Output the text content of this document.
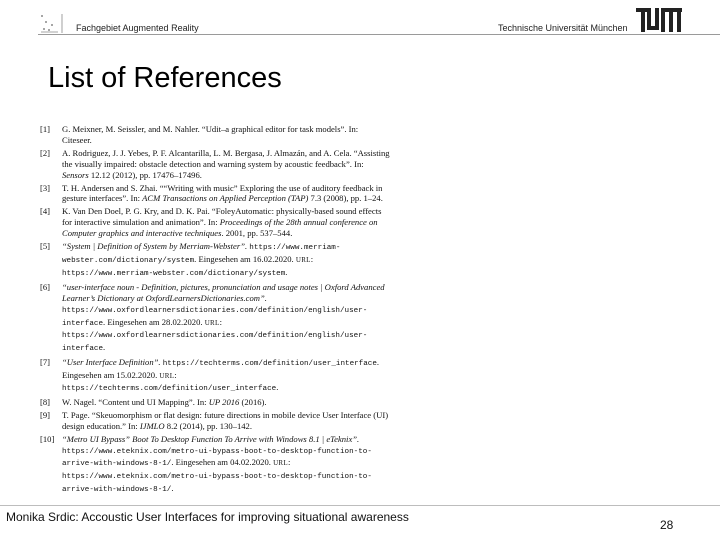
Fachgebiet Augmented Reality	Technische Universität München
List of References
[1]	G. Meixner, M. Seissler, and M. Nahler. “Udit–a graphical editor for task models”. In: Citeseer.
[2]	A. Rodriguez, J. J. Yebes, P. F. Alcantarilla, L. M. Bergasa, J. Almazán, and A. Cela. “Assisting the visually impaired: obstacle detection and warning system by acoustic feedback”. In: Sensors 12.12 (2012), pp. 17476–17496.
[3]	T. H. Andersen and S. Zhai. ““Writing with music” Exploring the use of auditory feedback in gesture interfaces”. In: ACM Transactions on Applied Perception (TAP) 7.3 (2008), pp. 1–24.
[4]	K. Van Den Doel, P. G. Kry, and D. K. Pai. “FoleyAutomatic: physically-based sound effects for interactive simulation and animation”. In: Proceedings of the 28th annual conference on Computer graphics and interactive techniques. 2001, pp. 537–544.
[5]	“System | Definition of System by Merriam-Webster”. https://www.merriam-webster.com/dictionary/system. Eingesehen am 16.02.2020. URL: https://www.merriam-webster.com/dictionary/system.
[6]	“user-interface noun - Definition, pictures, pronunciation and usage notes | Oxford Advanced Learner’s Dictionary at OxfordLearnersDictionaries.com”. https://www.oxfordlearnersdictionaries.com/definition/english/user-interface. Eingesehen am 28.02.2020. URL: https://www.oxfordlearnersdictionaries.com/definition/english/user-interface.
[7]	“User Interface Definition”. https://techterms.com/definition/user_interface. Eingesehen am 15.02.2020. URL: https://techterms.com/definition/user_interface.
[8]	W. Nagel. “Content und UI Mapping”. In: UP 2016 (2016).
[9]	T. Page. “Skeuomorphism or flat design: future directions in mobile device User Interface (UI) design education.” In: IJMLO 8.2 (2014), pp. 130–142.
[10] “Metro UI Bypass” Boot To Desktop Function To Arrive with Windows 8.1 | eTeknix”. https://www.eteknix.com/metro-ui-bypass-boot-to-desktop-function-to-arrive-with-windows-8-1/. Eingesehen am 04.02.2020. URL: https://www.eteknix.com/metro-ui-bypass-boot-to-desktop-function-to-arrive-with-windows-8-1/.
Monika Srdic: Accoustic User Interfaces for improving situational awareness
28
